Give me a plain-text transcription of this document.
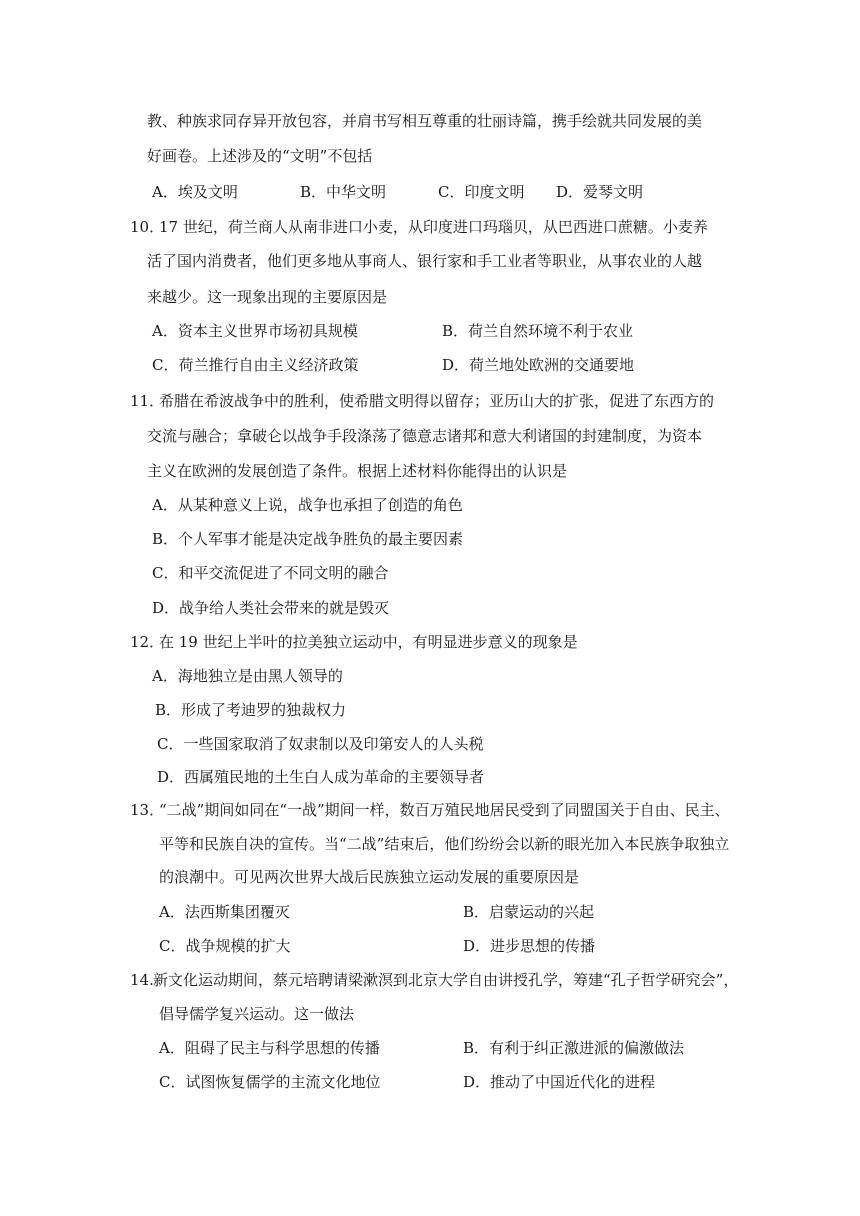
教、种族求同存异开放包容，并肩书写相互尊重的壮丽诗篇，携手绘就共同发展的美
好画卷。上述涉及的“文明”不包括
A．埃及文明	B．中华文明	C．印度文明 D．爱琴文明
10．
17 世纪，荷兰商人从南非进口小麦，从印度进口玛瑙贝，从巴西进口蔗糖。小麦养
活了国内消费者，他们更多地从事商人、银行家和手工业者等职业，从事农业的人越
来越少。这一现象出现的主要原因是
A．资本主义世界市场初具规模	B．荷兰自然环境不利于农业
C．荷兰推行自由主义经济政策	D．荷兰地处欧洲的交通要地
11．
希腊在希波战争中的胜利，使希腊文明得以留存；亚历山大的扩张，促进了东西方的
交流与融合；拿破仑以战争手段涤荡了德意志诸邦和意大利诸国的封建制度，为资本
主义在欧洲的发展创造了条件。根据上述材料你能得出的认识是
A．从某种意义上说，战争也承担了创造的角色
B．个人军事才能是决定战争胜负的最主要因素
C．和平交流促进了不同文明的融合
D．战争给人类社会带来的就是毁灭
12．
在 19 世纪上半叶的拉美独立运动中，有明显进步意义的现象是
A．海地独立是由黑人领导的
B．形成了考迪罗的独裁权力
C．一些国家取消了奴隶制以及印第安人的人头税
D．西属殖民地的土生白人成为革命的主要领导者
13．
“二战”期间如同在“一战”期间一样，数百万殖民地居民受到了同盟国关于自由、民主、
平等和民族自决的宣传。当“二战”结束后，他们纷纷会以新的眼光加入本民族争取独立
的浪潮中。可见两次世界大战后民族独立运动发展的重要原因是
A．法西斯集团覆灭	B．启蒙运动的兴起
C．战争规模的扩大	D．进步思想的传播
14. 新文化运动期间，蔡元培聘请梁漱溟到北京大学自由讲授孔学，筹建“孔子哲学研究会”，
倡导儒学复兴运动。这一做法
A．阻碍了民主与科学思想的传播	B．有利于纠正激进派的偏激做法
C．试图恢复儒学的主流文化地位	D．推动了中国近代化的进程
